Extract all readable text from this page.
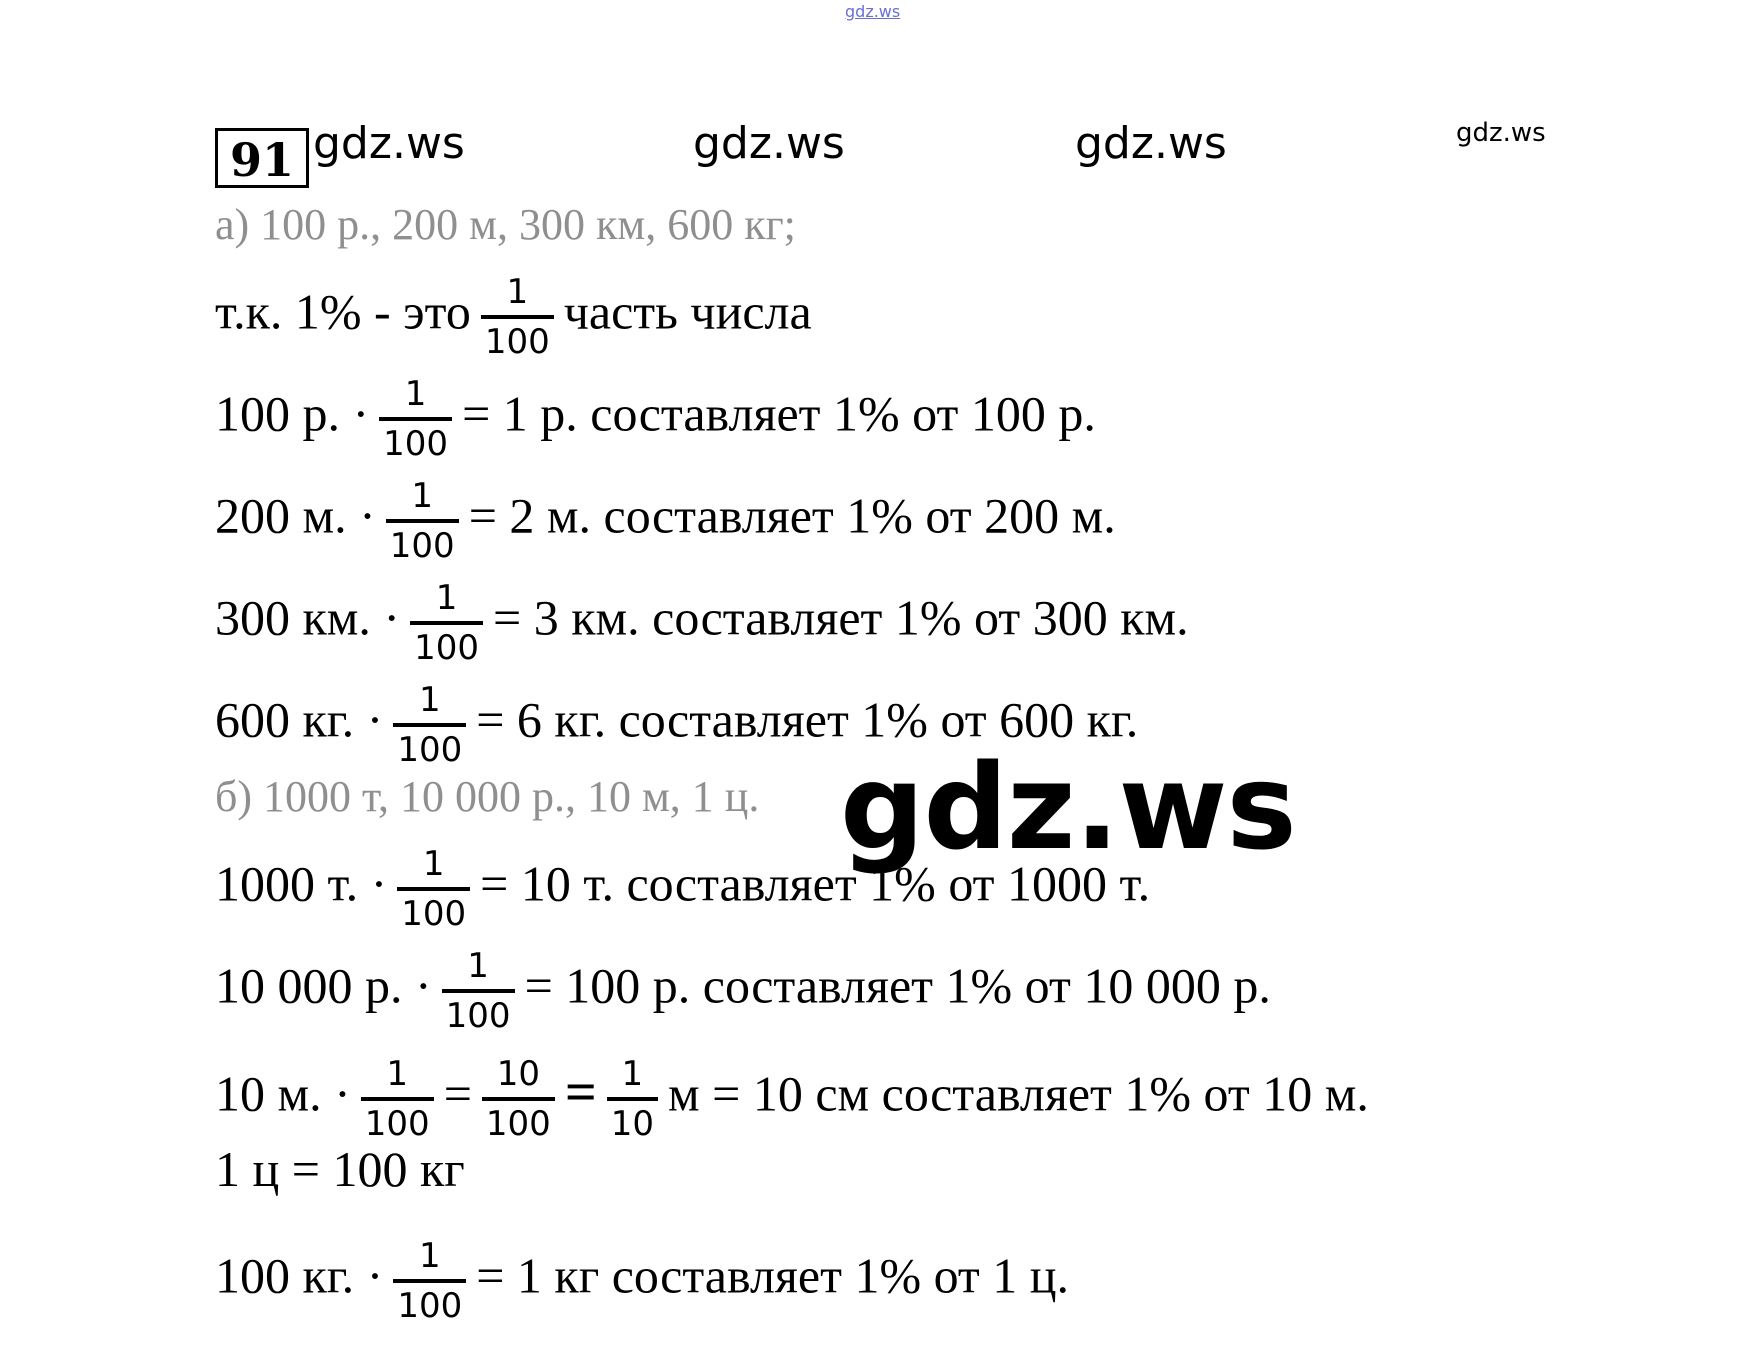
gdz.ws
gdz.ws	gdz.ws	gdz.ws	gdz.ws
91
а) 100 р., 200 м, 300 км, 600 кг;
т.к. 1% - это $\frac{1}{100}$ часть числа
100 р. · $\frac{1}{100} = 1$ р. составляет 1% от 100 р.
200 м. · $\frac{1}{100} = 2$ м. составляет 1% от 200 м.
300 км. · $\frac{1}{100} = 3$ км. составляет 1% от 300 км.
600 кг. · $\frac{1}{100} = 6$ кг. составляет 1% от 600 кг.
б) 1000 т, 10 000 р., 10 м, 1 ц.
1000 т. · $\frac{1}{100} = 10$ т. составляет 1% от 1000 т.
10 000 р. · $\frac{1}{100} = 100$ р. составляет 1% от 10 000 р.
10 м. · $\frac{1}{100} = \frac{10}{100} = \frac{1}{10}$ м = 10 см составляет 1% от 10 м.
1 ц = 100 кг
100 кг. · $\frac{1}{100} = 1$ кг составляет 1% от 1 ц.
gdz.ws
